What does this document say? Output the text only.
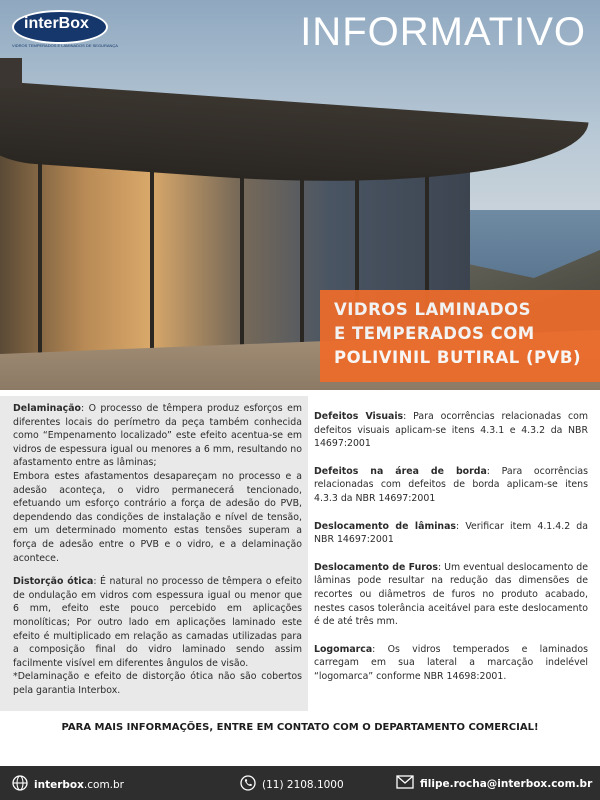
interBox
VIDROS TEMPERADOS E LAMINADOS DE SEGURANÇA	INFORMATIVO
VIDROS LAMINADOS
E TEMPERADOS COM
POLIVINIL BUTIRAL (PVB)

Delaminação: O processo de têmpera produz esforços em diferentes locais do perímetro da peça também conhecida como “Empenamento localizado” este efeito acentua-se em vidros de espessura igual ou menores a 6 mm, resultando no afastamento entre as lâminas;
Embora estes afastamentos desapareçam no processo e a adesão aconteça, o vidro permanecerá tencionado, efetuando um esforço contrário a força de adesão do PVB, dependendo das condições de instalação e nível de tensão, em um determinado momento estas tensões superam a força de adesão entre o PVB e o vidro, e a delaminação acontece.

Distorção ótica: É natural no processo de têmpera o efeito de ondulação em vidros com espessura igual ou menor que 6 mm, efeito este pouco percebido em aplicações monolíticas; Por outro lado em aplicações laminado este efeito é multiplicado em relação as camadas utilizadas para a composição final do vidro laminado sendo assim facilmente visível em diferentes ângulos de visão.
*Delaminação e efeito de distorção ótica não são cobertos pela garantia Interbox.

Defeitos Visuais: Para ocorrências relacionadas com defeitos visuais aplicam-se itens 4.3.1 e 4.3.2 da NBR 14697:2001

Defeitos na área de borda: Para ocorrências relacionadas com defeitos de borda aplicam-se itens 4.3.3 da NBR 14697:2001

Deslocamento de lâminas: Verificar item 4.1.4.2 da NBR 14697:2001

Deslocamento de Furos: Um eventual deslocamento de lâminas pode resultar na redução das dimensões de recortes ou diâmetros de furos no produto acabado, nestes casos tolerância aceitável para este deslocamento é de até três mm.

Logomarca: Os vidros temperados e laminados carregam em sua lateral a marcação indelével “logomarca” conforme NBR 14698:2001.

PARA MAIS INFORMAÇÕES, ENTRE EM CONTATO COM O DEPARTAMENTO COMERCIAL!
interbox .com.br	(11) 2108.1000	filipe.rocha@ interbox .com.br
